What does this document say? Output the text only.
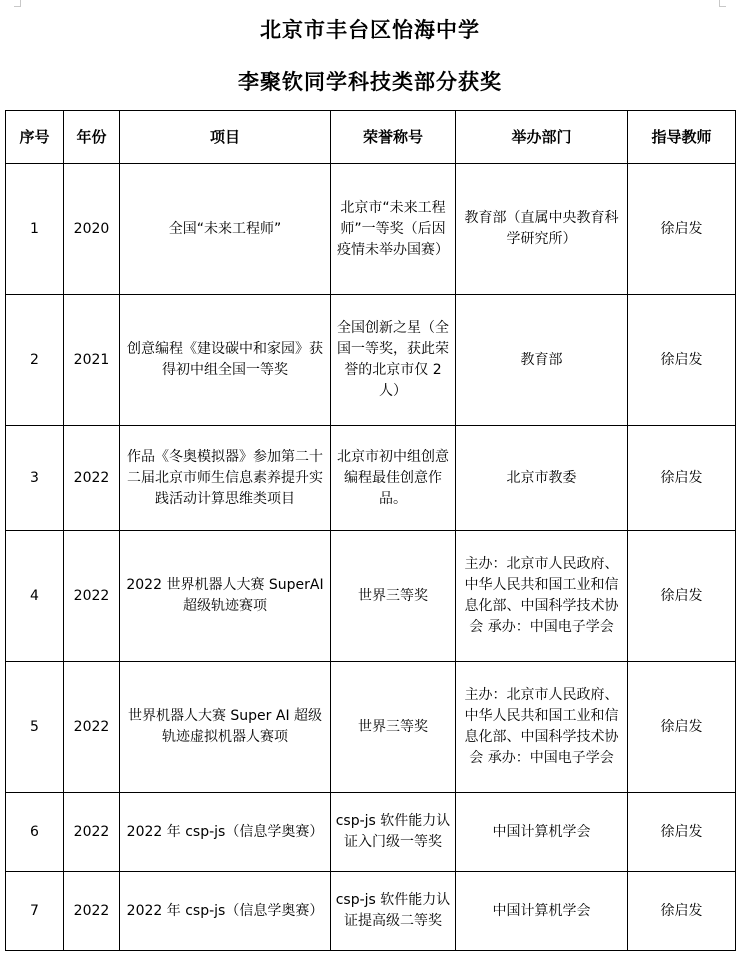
北京市丰台区怡海中学
李聚钦同学科技类部分获奖
序号	年份	项目	荣誉称号	举办部门	指导教师
1	2020	全国“未来工程师”	北京市“未来工程师”一等奖（后因疫情未举办国赛）	教育部（直属中央教育科学研究所）	徐启发
2	2021	创意编程《建设碳中和家园》获得初中组全国一等奖	全国创新之星（全国一等奖，获此荣誉的北京市仅 2 人）	教育部	徐启发
3	2022	作品《冬奥模拟器》参加第二十二届北京市师生信息素养提升实践活动计算思维类项目	北京市初中组创意编程最佳创意作品。	北京市教委	徐启发
4	2022	2022 世界机器人大赛 SuperAI 超级轨迹赛项	世界三等奖	主办：北京市人民政府、中华人民共和国工业和信息化部、中国科学技术协会 承办：中国电子学会	徐启发
5	2022	世界机器人大赛 Super AI 超级轨迹虚拟机器人赛项	世界三等奖	主办：北京市人民政府、中华人民共和国工业和信息化部、中国科学技术协会 承办：中国电子学会	徐启发
6	2022	2022 年 csp-js（信息学奥赛）	csp-js 软件能力认证入门级一等奖	中国计算机学会	徐启发
7	2022	2022 年 csp-js（信息学奥赛）	csp-js 软件能力认证提高级二等奖	中国计算机学会	徐启发
